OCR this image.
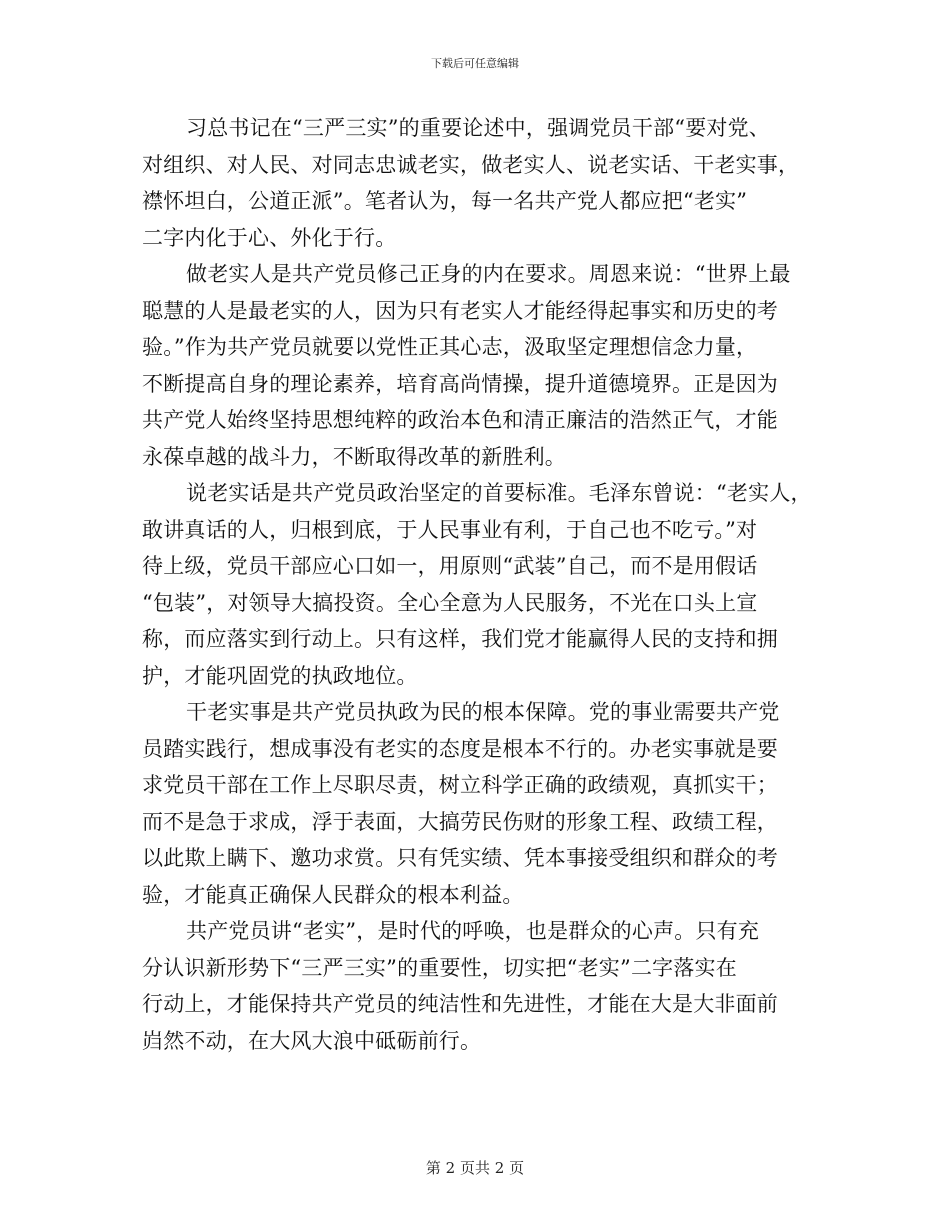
下载后可任意编辑
习总书记在“三严三实”的重要论述中，强调党员干部“要对党、
对组织、对人民、对同志忠诚老实，做老实人、说老实话、干老实事，
襟怀坦白，公道正派”。笔者认为，每一名共产党人都应把“老实”
二字内化于心、外化于行。
做老实人是共产党员修己正身的内在要求。周恩来说：“世界上最
聪慧的人是最老实的人，因为只有老实人才能经得起事实和历史的考
验。”作为共产党员就要以党性正其心志，汲取坚定理想信念力量，
不断提高自身的理论素养，培育高尚情操，提升道德境界。正是因为
共产党人始终坚持思想纯粹的政治本色和清正廉洁的浩然正气，才能
永葆卓越的战斗力，不断取得改革的新胜利。
说老实话是共产党员政治坚定的首要标准。毛泽东曾说：“老实人，
敢讲真话的人，归根到底，于人民事业有利，于自己也不吃亏。”对
待上级，党员干部应心口如一，用原则“武装”自己，而不是用假话
“包装”，对领导大搞投资。全心全意为人民服务，不光在口头上宣
称，而应落实到行动上。只有这样，我们党才能赢得人民的支持和拥
护，才能巩固党的执政地位。
干老实事是共产党员执政为民的根本保障。党的事业需要共产党
员踏实践行，想成事没有老实的态度是根本不行的。办老实事就是要
求党员干部在工作上尽职尽责，树立科学正确的政绩观，真抓实干；
而不是急于求成，浮于表面，大搞劳民伤财的形象工程、政绩工程，
以此欺上瞒下、邀功求赏。只有凭实绩、凭本事接受组织和群众的考
验，才能真正确保人民群众的根本利益。
共产党员讲“老实”，是时代的呼唤，也是群众的心声。只有充
分认识新形势下“三严三实”的重要性，切实把“老实”二字落实在
行动上，才能保持共产党员的纯洁性和先进性，才能在大是大非面前
岿然不动，在大风大浪中砥砺前行。
第 2 页共 2 页
